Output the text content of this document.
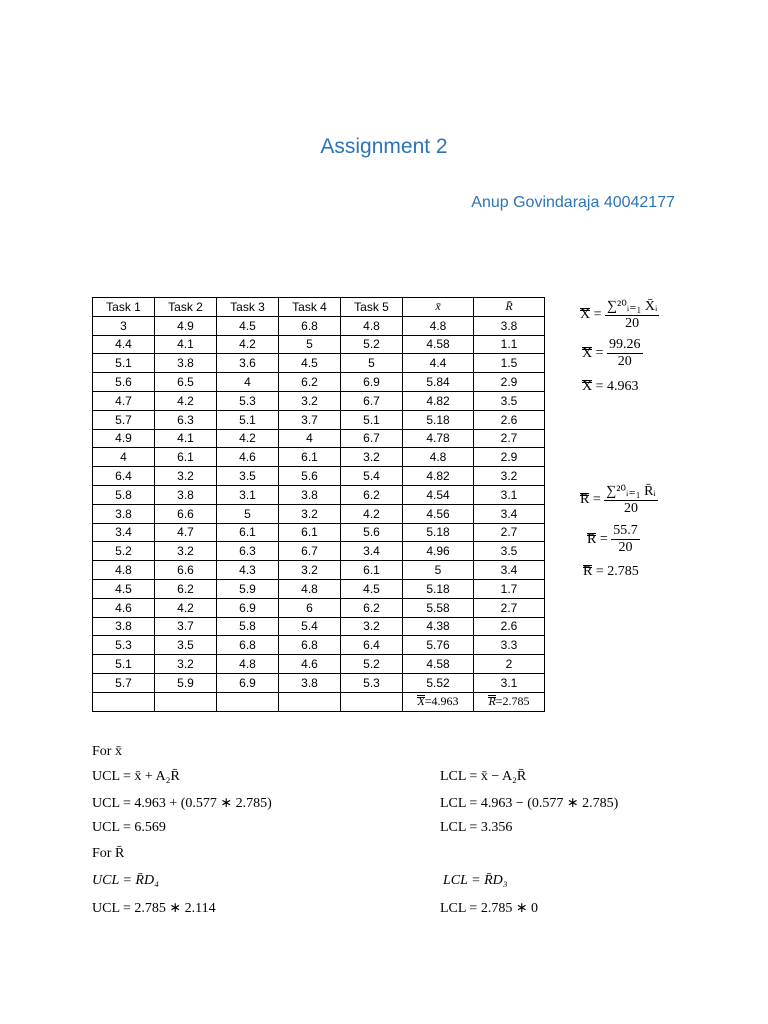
Assignment 2
Anup Govindaraja 40042177
Task 1	Task 2	Task 3	Task 4	Task 5	x̄	R̄
3	4.9	4.5	6.8	4.8	4.8	3.8
4.4	4.1	4.2	5	5.2	4.58	1.1
5.1	3.8	3.6	4.5	5	4.4	1.5
5.6	6.5	4	6.2	6.9	5.84	2.9
4.7	4.2	5.3	3.2	6.7	4.82	3.5
5.7	6.3	5.1	3.7	5.1	5.18	2.6
4.9	4.1	4.2	4	6.7	4.78	2.7
4	6.1	4.6	6.1	3.2	4.8	2.9
6.4	3.2	3.5	5.6	5.4	4.82	3.2
5.8	3.8	3.1	3.8	6.2	4.54	3.1
3.8	6.6	5	3.2	4.2	4.56	3.4
3.4	4.7	6.1	6.1	5.6	5.18	2.7
5.2	3.2	6.3	6.7	3.4	4.96	3.5
4.8	6.6	4.3	3.2	6.1	5	3.4
4.5	6.2	5.9	4.8	4.5	5.18	1.7
4.6	4.2	6.9	6	6.2	5.58	2.7
3.8	3.7	5.8	5.4	3.2	4.38	2.6
5.3	3.5	6.8	6.8	6.4	5.76	3.3
5.1	3.2	4.8	4.6	5.2	4.58	2
5.7	5.9	6.9	3.8	5.3	5.52	3.1
					X=4.963	R=2.785
$X = \frac{\text{∑²⁰ᵢ₌₁ X̄ᵢ}}{20}$
$X = \frac{99.26}{20}$
X = 4.963
$R = \frac{\text{∑²⁰ᵢ₌₁ R̄ᵢ}}{20}$
$R = \frac{55.7}{20}$
R = 2.785
For x̄
UCL = x̄ + A₂R̄
UCL = 4.963 + (0.577 ∗ 2.785)
UCL = 6.569
LCL = x̄ − A₂R̄
LCL = 4.963 − (0.577 ∗ 2.785)
LCL = 3.356
For R̄
UCL = R̄D₄
UCL = 2.785 ∗ 2.114
LCL = R̄D₃
LCL = 2.785 ∗ 0
